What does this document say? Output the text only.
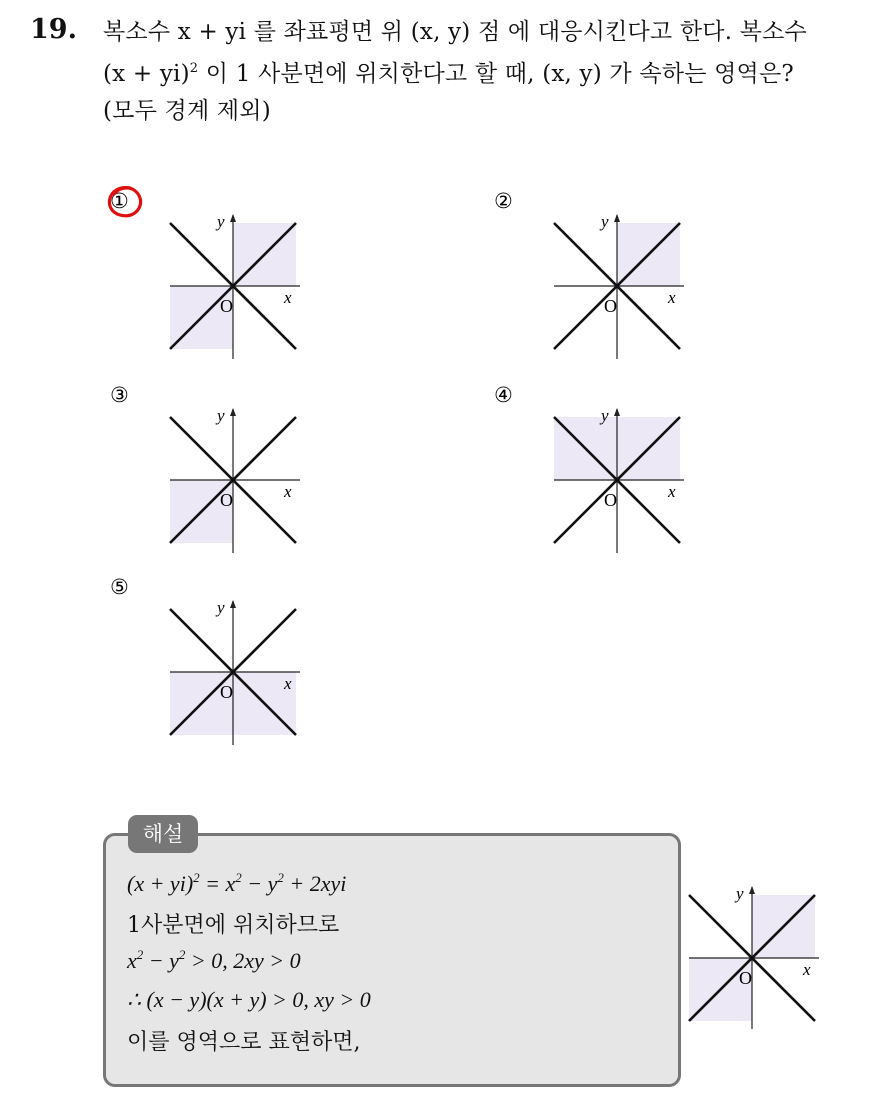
19. 복소수 x + yi 를 좌표평면 위 (x, y) 점 에 대응시킨다고 한다. 복소수
(x + yi)$^2$ 이 1 사분면에 위치한다고 할 때, (x, y) 가 속하는 영역은?
(모두 경계 제외)
y
x
O
①
y
x
O
②
y
x
O
③
y
x
O
④
y
x
O
⑤
해설
$(x + yi)^2 = x^2 - y^2 + 2xyi$
1사분면에 위치하므로
$x^2 - y^2 > 0$, 2xy > 0
∴ (x − y)(x + y) > 0, xy > 0
이를 영역으로 표현하면,
y
x
O
